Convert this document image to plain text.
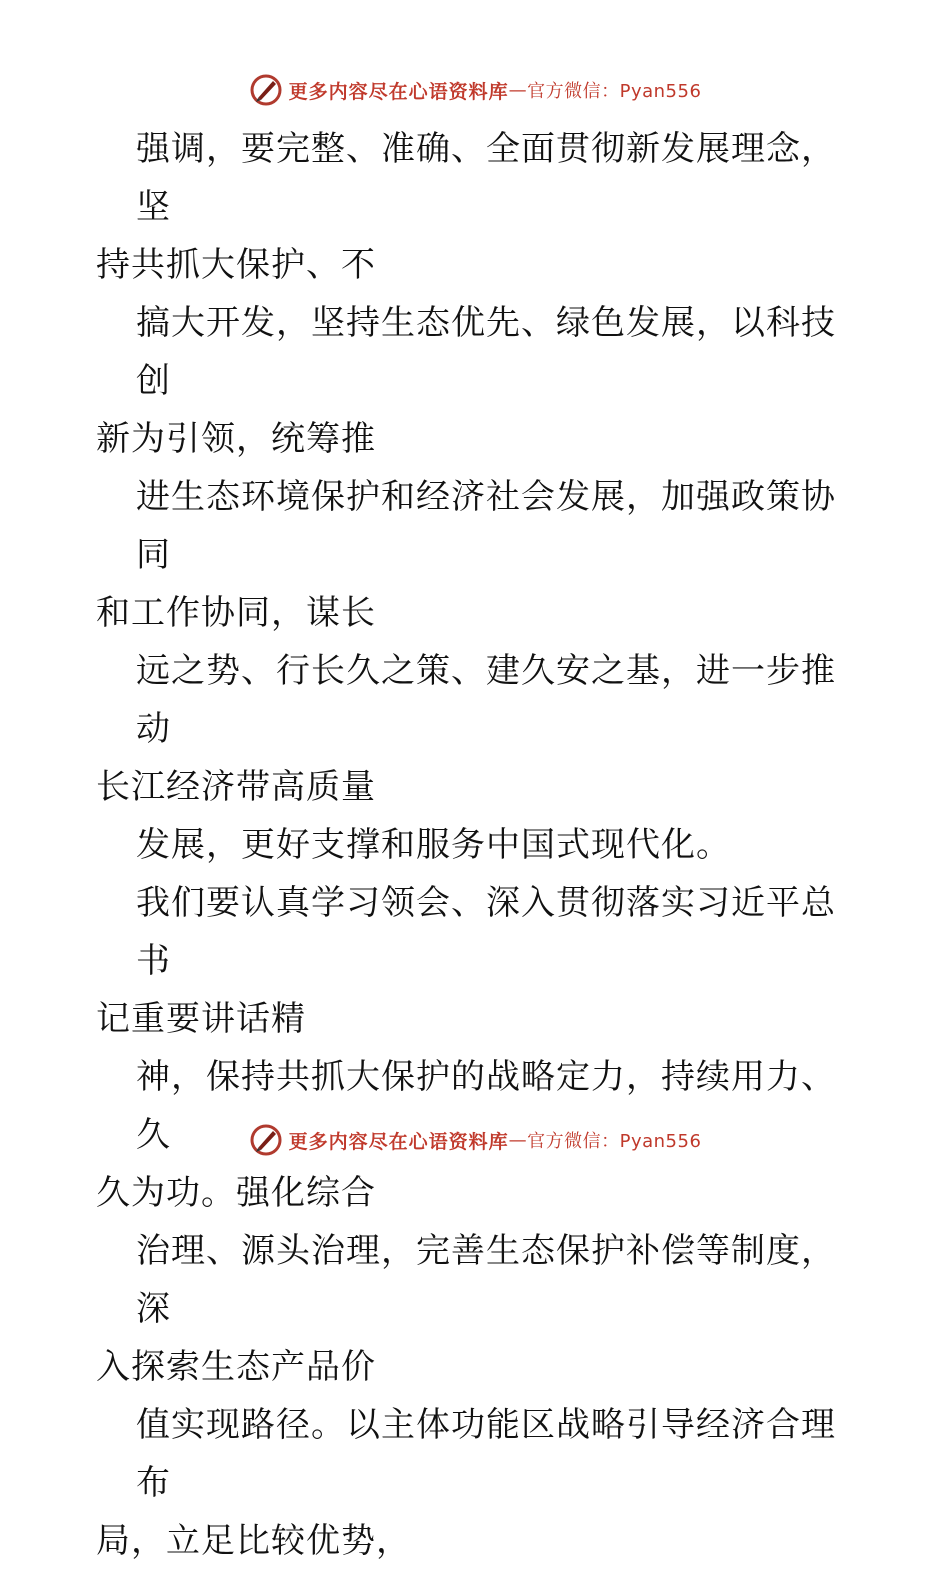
更多内容尽在心语资料库 — 官方微信：Pyan556

强调，要完整、准确、全面贯彻新发展理念，坚
持共抓大保护、不

搞大开发，坚持生态优先、绿色发展，以科技创
新为引领，统筹推

进生态环境保护和经济社会发展，加强政策协同
和工作协同，谋长

远之势、行长久之策、建久安之基，进一步推动
长江经济带高质量

发展，更好支撑和服务中国式现代化。

我们要认真学习领会、深入贯彻落实习近平总书
记重要讲话精

神，保持共抓大保护的战略定力，持续用力、久
久为功。强化综合

治理、源头治理，完善生态保护补偿等制度，深
入探索生态产品价

值实现路径。以主体功能区战略引导经济合理布
局，立足比较优势，

更多内容尽在心语资料库 — 官方微信：Pyan556
